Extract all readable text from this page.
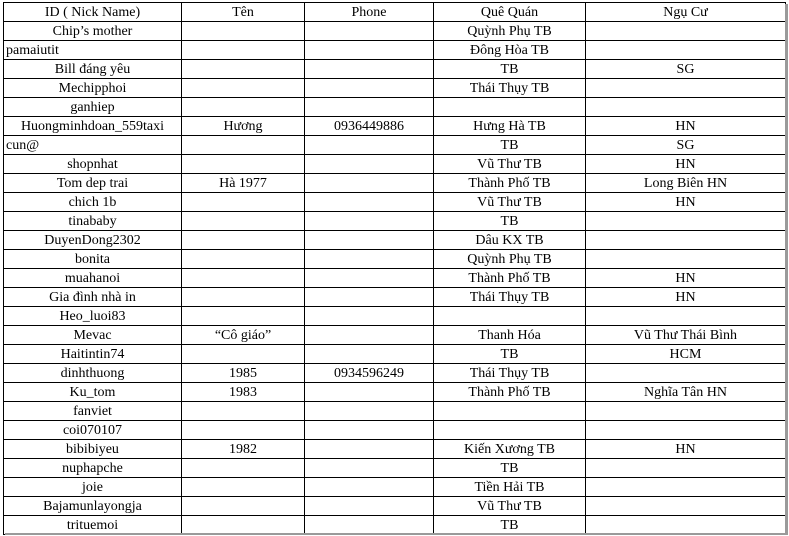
ID ( Nick Name)	Tên	Phone	Quê Quán	Ngụ Cư
Chip’s mother			Quỳnh Phụ TB	
pamaiutit			Đông Hòa TB	
Bill đáng yêu			TB	SG
Mechipphoi			Thái Thụy TB	
ganhiep				
Huongminhdoan_559taxi	Hương	0936449886	Hưng Hà TB	HN
cun@			TB	SG
shopnhat			Vũ Thư TB	HN
Tom dep trai	Hà 1977		Thành Phố TB	Long Biên HN
chich 1b			Vũ Thư TB	HN
tinababy			TB	
DuyenDong2302			Dâu KX TB	
bonita			Quỳnh Phụ TB	
muahanoi			Thành Phố TB	HN
Gia đình nhà in			Thái Thụy TB	HN
Heo_luoi83				
Mevac	“Cô giáo”		Thanh Hóa	Vũ Thư Thái Bình
Haitintin74			TB	HCM
dinhthuong	1985	0934596249	Thái Thụy TB	
Ku_tom	1983		Thành Phố TB	Nghĩa Tân HN
fanviet				
coi070107				
bibibiyeu	1982		Kiến Xương TB	HN
nuphapche			TB	
joie			Tiền Hải TB	
Bajamunlayongja			Vũ Thư TB	
trituemoi			TB	
